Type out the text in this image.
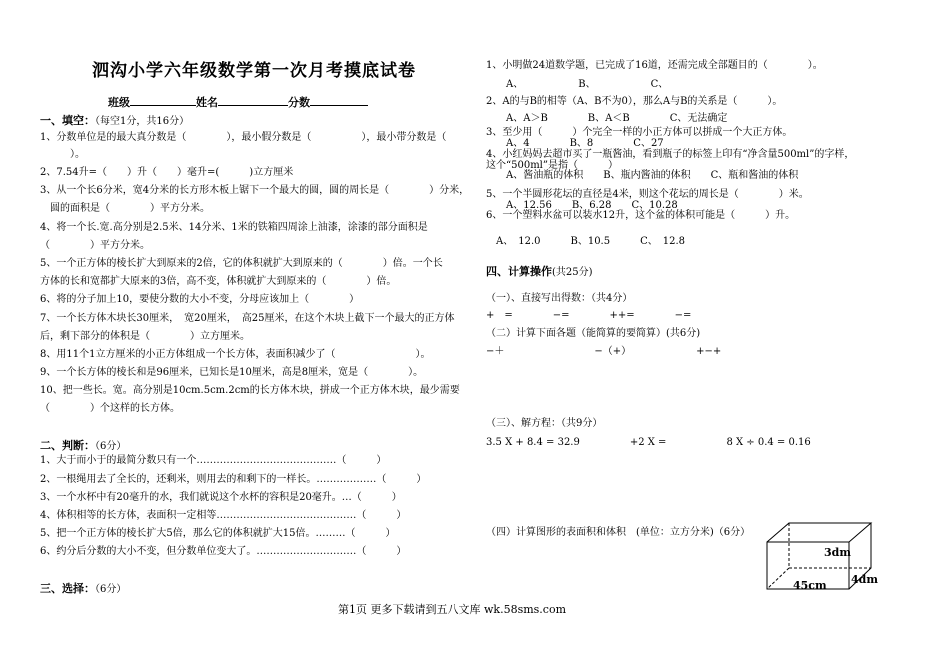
泗沟小学六年级数学第一次月考摸底试卷
班级	姓名	分数
一、填空：（每空1分，共16分）
1、分数单位是的最大真分数是（　　　　），最小假分数是（　　　　　），最小带分数是（
　　　）。
2、7.54升=（　　）升（　　）毫升=(　　　)立方厘米
3、从一个长6分米，宽4分米的长方形木板上锯下一个最大的圆，圆的周长是（　　　　）分米，
　圆的面积是（　　　　）平方分米。
4、将一个长.宽.高分别是2.5米、14分米、1米的铁箱四周涂上油漆，涂漆的部分面积是
（　　　　）平方分米。
5、一个正方体的棱长扩大到原来的2倍，它的体积就扩大到原来的（　　　　）倍。一个长
方体的长和宽都扩大原来的3倍，高不变，体积就扩大到原来的（　　　　）倍。
6、将的分子加上10，要使分数的大小不变，分母应该加上（　　　　）
7、一个长方体木块长30厘米，　宽20厘米，　高25厘米，在这个木块上截下一个最大的正方体
后，剩下部分的体积是（　　　　）立方厘米。
8、用11个1立方厘米的小正方体组成一个长方体，表面积减少了（　　　　　　　　）。
9、一个长方体的棱长和是96厘米，已知长是10厘米，高是8厘米，宽是（　　　　）。
10、把一些长。宽。高分别是10cm.5cm.2cm的长方体木块，拼成一个正方体木块，最少需要
（　　　　）个这样的长方体。
二、判断：（6分）
1、大于而小于的最简分数只有一个……………………………………（　　　）
2、一根绳用去了全长的，还剩米，则用去的和剩下的一样长。………………（　　　）
3、一个水杯中有20毫升的水，我们就说这个水杯的容积是20毫升。…（　　　）
4、体积相等的长方体，表面积一定相等……………………………………（　　　）
5、把一个正方体的棱长扩大5倍，那么它的体积就扩大15倍。………（　　　）
6、约分后分数的大小不变，但分数单位变大了。…………………………（　　　）
三、选择：（6分）
1、小明做24道数学题，已完成了16道，还需完成全部题目的（　　　　）。
　　A、　　　　　　B、　　　　　　C、
2、A的与B的相等（A、B不为0），那么A与B的关系是（　　　）。
　　A、A＞B　　　　B、A＜B　　　　C、无法确定
3、至少用（　　　）个完全一样的小正方体可以拼成一个大正方体。
　　A、4　　　　B、8　　　　C、27
4、小红妈妈去超市买了一瓶酱油，看到瓶子的标签上印有“净含量500ml”的字样，
这个“500ml”是指（　　　）
　　A、酱油瓶的体积　　B、瓶内酱油的体积　　C、瓶和酱油的体积
5、一个半圆形花坛的直径是4米，则这个花坛的周长是（　　　　）米。
　　A、12.56　　B、6.28　　C、10.28
6、一个塑料水盆可以装水12升，这个盆的体积可能是（　　　）升。
　A、　12.0　　　B、10.5　　　C、　12.8
四、计算操作(共25分)
（一）、直接写出得数：（共4分）
+　=　　　　−=　　　　++=　　　　−=
（二）计算下面各题（能简算的要简算）(共6分)
−＋　　　　　　　　　−（+）　　　　　　　+−+
（三）、解方程：（共9分）
3.5 X + 8.4 = 32.9　　　　　+2 X =　　　　　　8 X ÷ 0.4 = 0.16
（四）计算图形的表面积和体积　(单位：立方分米)（6分）
3dm
45cm 4dm
第1页 更多下载请到五八文库 wk.58sms.com
